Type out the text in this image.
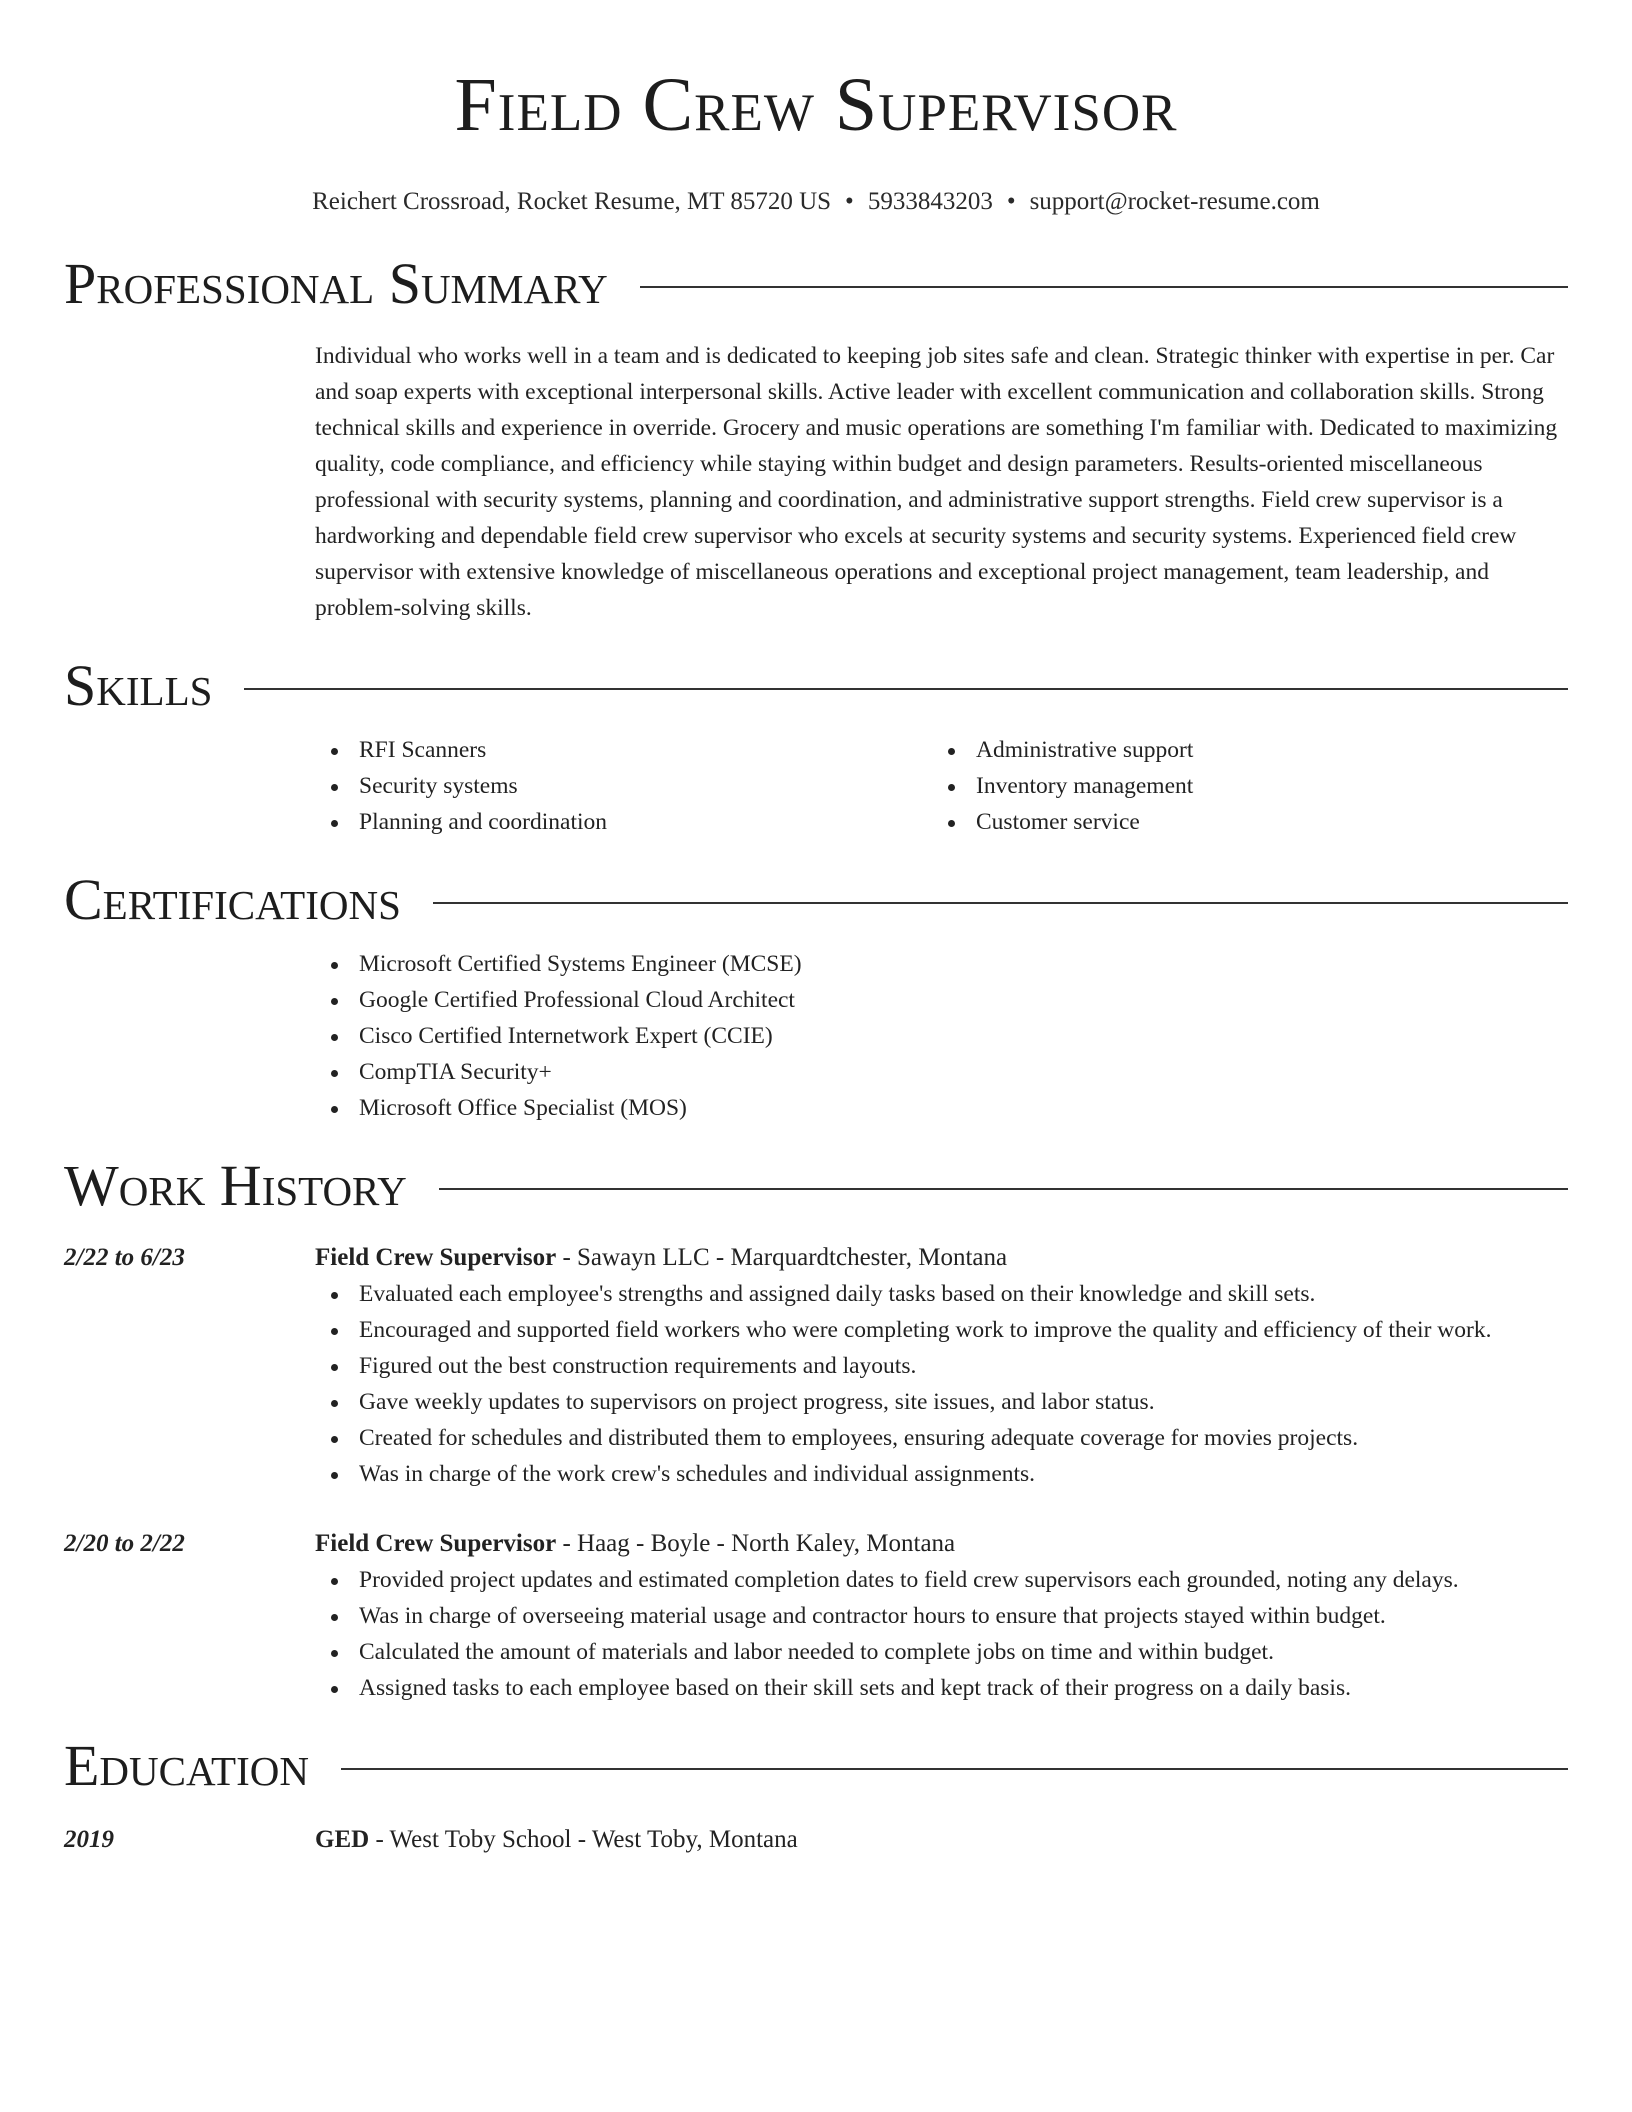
Field Crew Supervisor
Reichert Crossroad, Rocket Resume, MT 85720 US • 5933843203 • support@rocket-resume.com
Professional Summary
Individual who works well in a team and is dedicated to keeping job sites safe and clean. Strategic thinker with expertise in per. Car and soap experts with exceptional interpersonal skills. Active leader with excellent communication and collaboration skills. Strong technical skills and experience in override. Grocery and music operations are something I'm familiar with. Dedicated to maximizing quality, code compliance, and efficiency while staying within budget and design parameters. Results-oriented miscellaneous professional with security systems, planning and coordination, and administrative support strengths. Field crew supervisor is a hardworking and dependable field crew supervisor who excels at security systems and security systems. Experienced field crew supervisor with extensive knowledge of miscellaneous operations and exceptional project management, team leadership, and problem-solving skills.
Skills
RFI Scanners
Security systems
Planning and coordination
Administrative support
Inventory management
Customer service
Certifications
Microsoft Certified Systems Engineer (MCSE)
Google Certified Professional Cloud Architect
Cisco Certified Internetwork Expert (CCIE)
CompTIA Security+
Microsoft Office Specialist (MOS)
Work History
2/22 to 6/23	Field Crew Supervisor - Sawayn LLC - Marquardtchester, Montana
Evaluated each employee's strengths and assigned daily tasks based on their knowledge and skill sets.
Encouraged and supported field workers who were completing work to improve the quality and efficiency of their work.
Figured out the best construction requirements and layouts.
Gave weekly updates to supervisors on project progress, site issues, and labor status.
Created for schedules and distributed them to employees, ensuring adequate coverage for movies projects.
Was in charge of the work crew's schedules and individual assignments.
2/20 to 2/22	Field Crew Supervisor - Haag - Boyle - North Kaley, Montana
Provided project updates and estimated completion dates to field crew supervisors each grounded, noting any delays.
Was in charge of overseeing material usage and contractor hours to ensure that projects stayed within budget.
Calculated the amount of materials and labor needed to complete jobs on time and within budget.
Assigned tasks to each employee based on their skill sets and kept track of their progress on a daily basis.
Education
2019	GED - West Toby School - West Toby, Montana
